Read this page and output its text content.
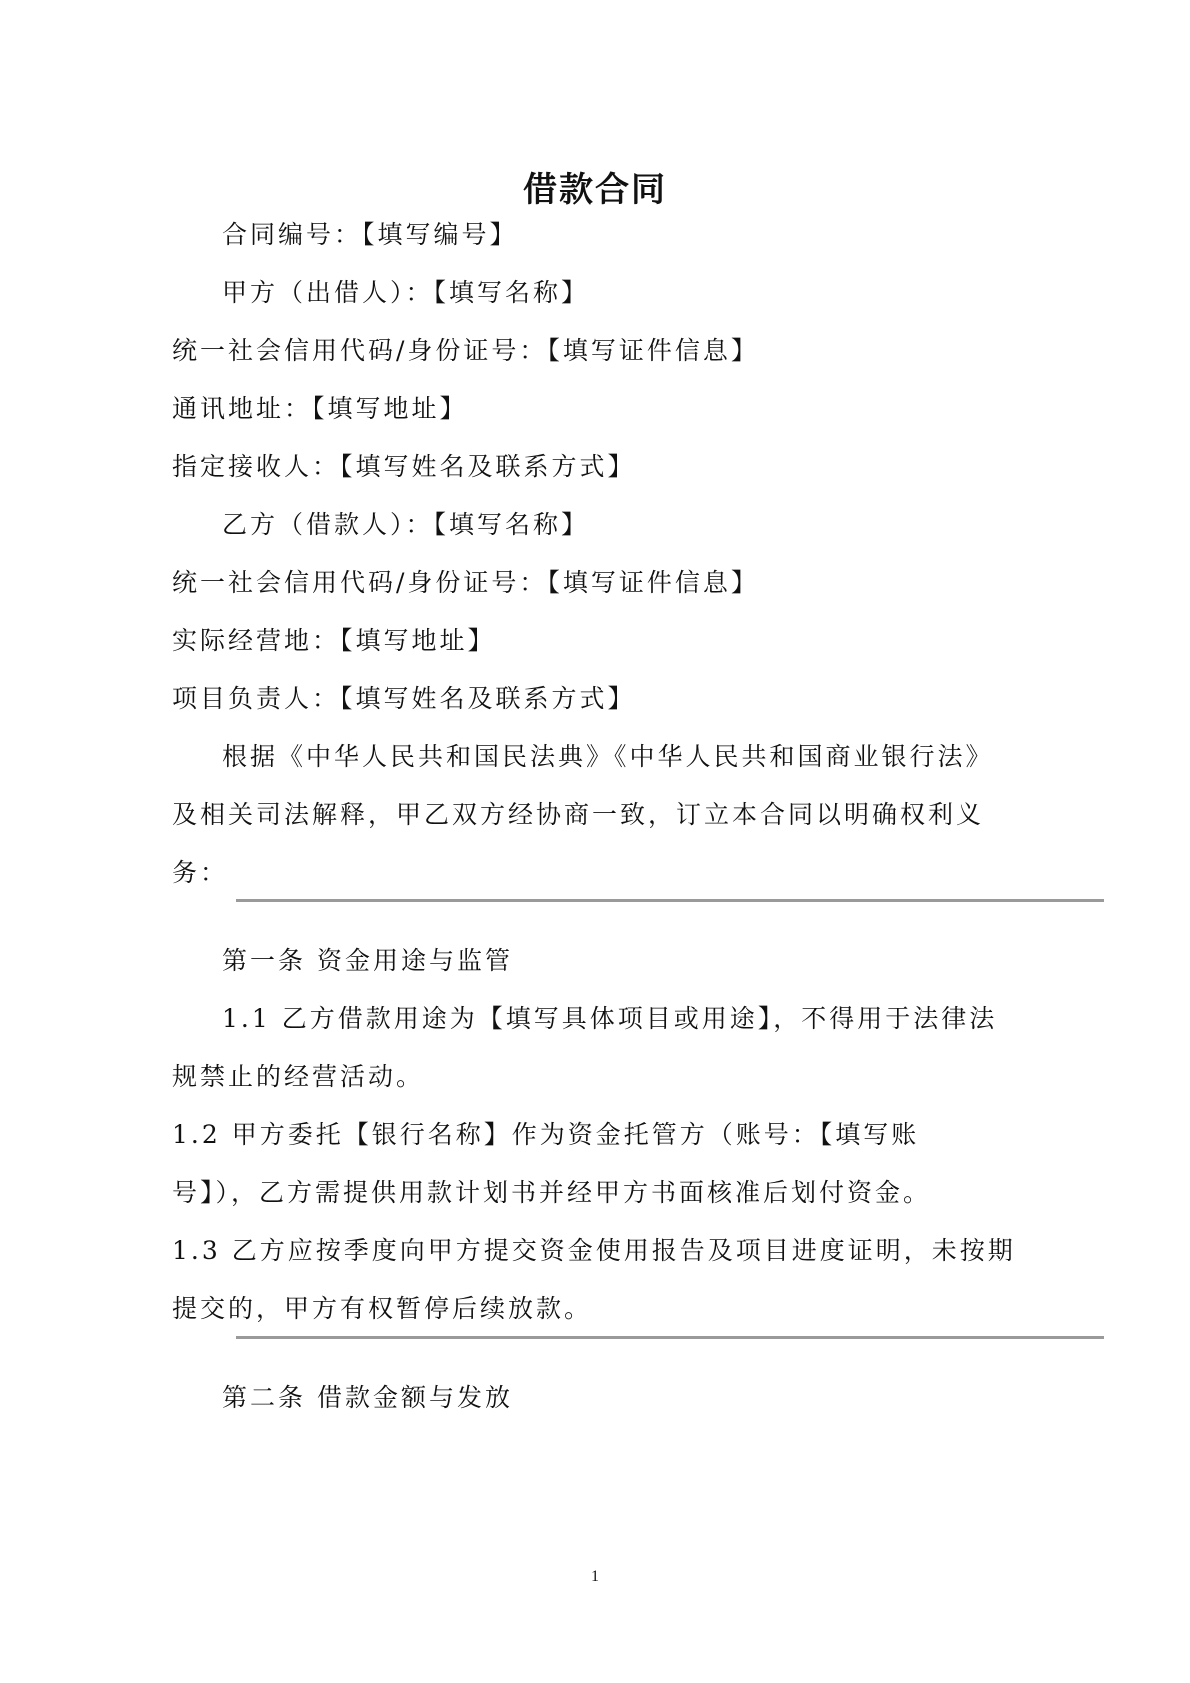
借款合同
合同编号：【填写编号】
甲方（出借人）：【填写名称】
统一社会信用代码/身份证号：【填写证件信息】
通讯地址：【填写地址】
指定接收人：【填写姓名及联系方式】
乙方（借款人）：【填写名称】
统一社会信用代码/身份证号：【填写证件信息】
实际经营地：【填写地址】
项目负责人：【填写姓名及联系方式】
根据《中华人民共和国民法典》《中华人民共和国商业银行法》
及相关司法解释，甲乙双方经协商一致，订立本合同以明确权利义
务：
第一条 资金用途与监管
1.1 乙方借款用途为【填写具体项目或用途】，不得用于法律法
规禁止的经营活动。
1.2 甲方委托【银行名称】作为资金托管方（账号：【填写账
号】），乙方需提供用款计划书并经甲方书面核准后划付资金。
1.3 乙方应按季度向甲方提交资金使用报告及项目进度证明，未按期
提交的，甲方有权暂停后续放款。
第二条 借款金额与发放
1
